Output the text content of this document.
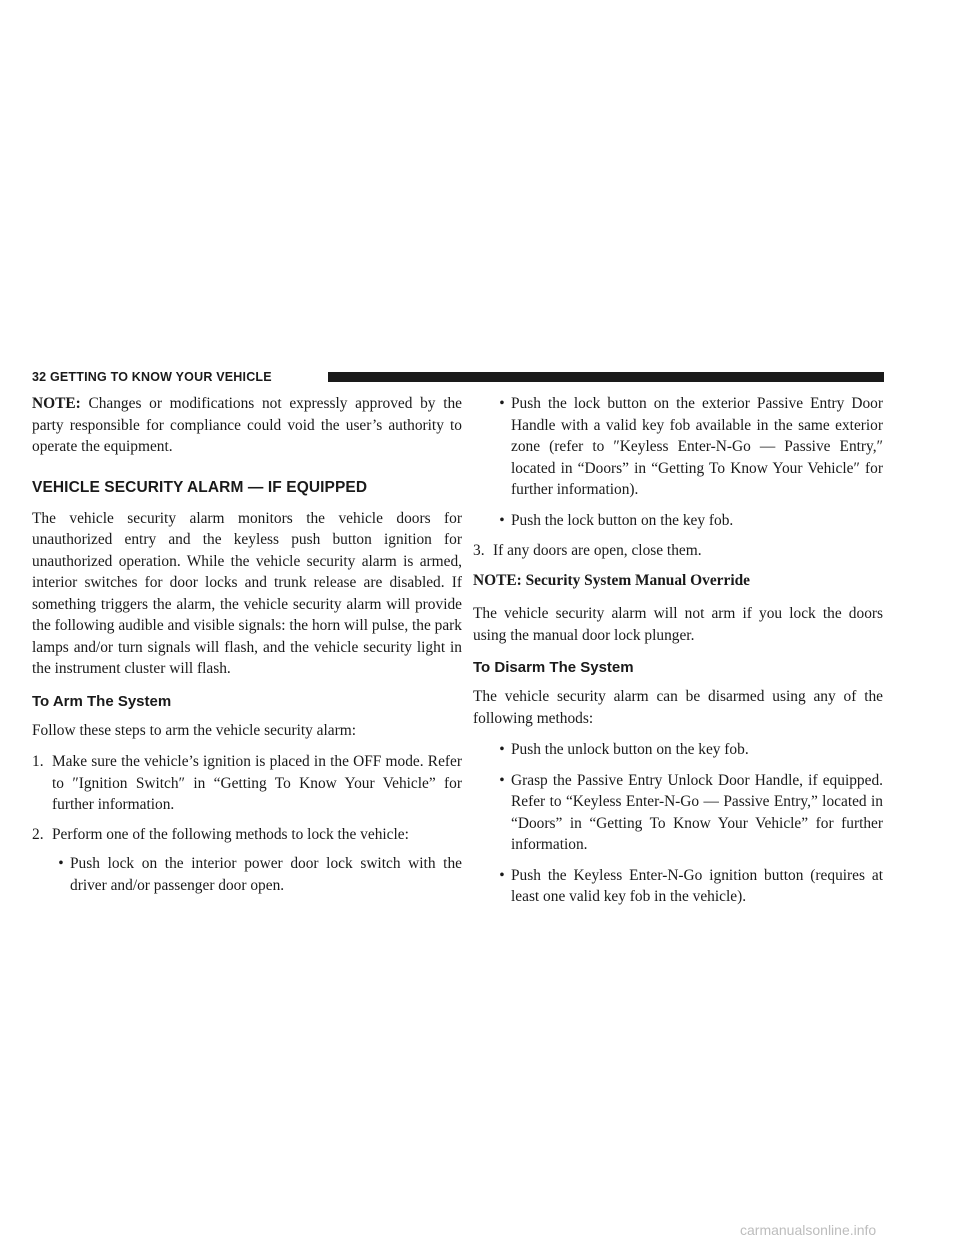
32 GETTING TO KNOW YOUR VEHICLE

NOTE: Changes or modifications not expressly approved by the party responsible for compliance could void the user’s authority to operate the equipment.

VEHICLE SECURITY ALARM — IF EQUIPPED

The vehicle security alarm monitors the vehicle doors for unauthorized entry and the keyless push button ignition for unauthorized operation. While the vehicle security alarm is armed, interior switches for door locks and trunk release are disabled. If something triggers the alarm, the vehicle security alarm will provide the following audible and visible signals: the horn will pulse, the park lamps and/or turn signals will flash, and the vehicle security light in the instrument cluster will flash.

To Arm The System

Follow these steps to arm the vehicle security alarm:

1. Make sure the vehicle’s ignition is placed in the OFF mode. Refer to ″Ignition Switch″ in “Getting To Know Your Vehicle” for further information.
2. Perform one of the following methods to lock the vehicle:
• Push lock on the interior power door lock switch with the driver and/or passenger door open.
• Push the lock button on the exterior Passive Entry Door Handle with a valid key fob available in the same exterior zone (refer to ″Keyless Enter-N-Go — Passive Entry,″ located in “Doors” in “Getting To Know Your Vehicle″ for further information).
• Push the lock button on the key fob.
3. If any doors are open, close them.

NOTE: Security System Manual Override

The vehicle security alarm will not arm if you lock the doors using the manual door lock plunger.

To Disarm The System

The vehicle security alarm can be disarmed using any of the following methods:

• Push the unlock button on the key fob.
• Grasp the Passive Entry Unlock Door Handle, if equipped. Refer to “Keyless Enter-N-Go — Passive Entry,” located in “Doors” in “Getting To Know Your Vehicle” for further information.
• Push the Keyless Enter-N-Go ignition button (requires at least one valid key fob in the vehicle).
carmanualsonline.info
